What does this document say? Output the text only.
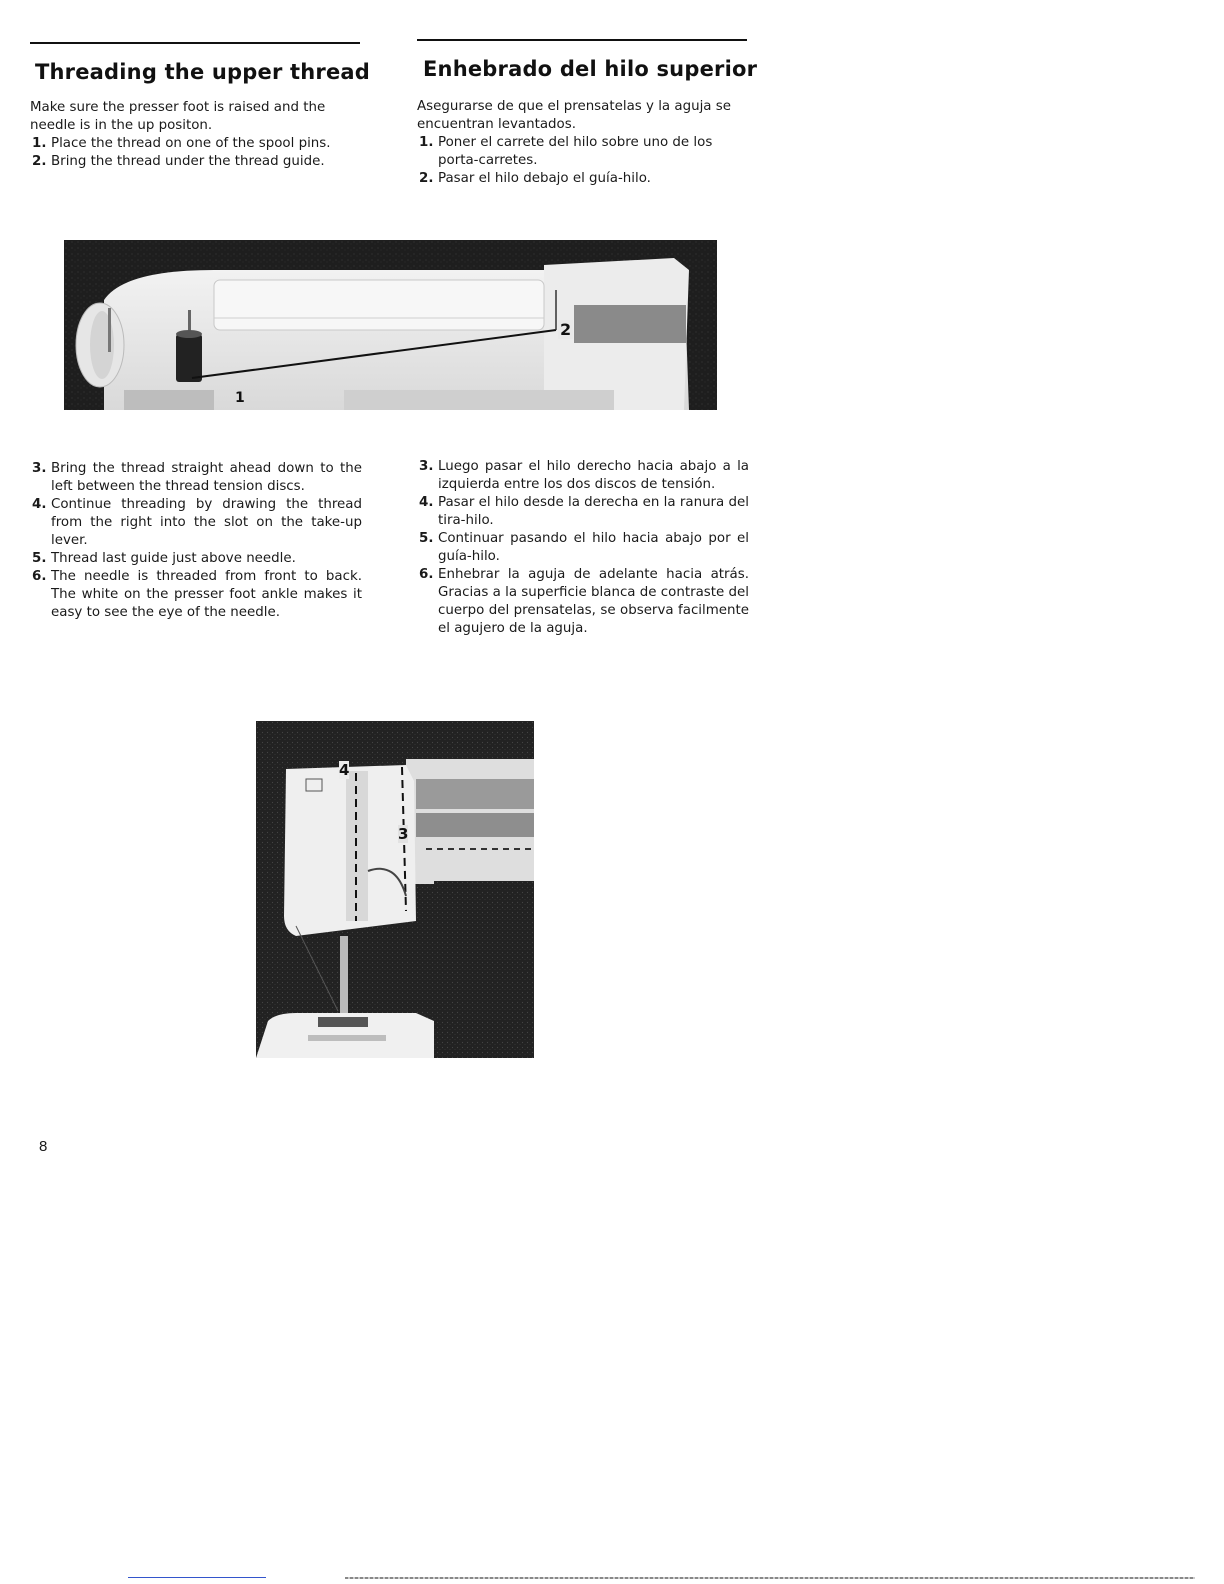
Threading the upper thread

Make sure the presser foot is raised and the needle is in the up positon.

1. Place the thread on one of the spool pins.
2. Bring the thread under the thread guide.
Enhebrado del hilo superior

Asegurarse de que el prensatelas y la aguja se encuentran levantados.

1. Poner el carrete del hilo sobre uno de los porta-carretes.
2. Pasar el hilo debajo el guía-hilo.
1
2
3. Bring the thread straight ahead down to the left between the thread tension discs.
4. Continue threading by drawing the thread from the right into the slot on the take-up lever.
5. Thread last guide just above needle.
6. The needle is threaded from front to back. The white on the presser foot ankle makes it easy to see the eye of the needle.
3. Luego pasar el hilo derecho hacia abajo a la izquierda entre los dos discos de tensión.
4. Pasar el hilo desde la derecha en la ranura del tira-hilo.
5. Continuar pasando el hilo hacia abajo por el guía-hilo.
6. Enhebrar la aguja de adelante hacia atrás. Gracias a la superficie blanca de contraste del cuerpo del prensatelas, se observa facilmente el agujero de la aguja.
4
3
8
